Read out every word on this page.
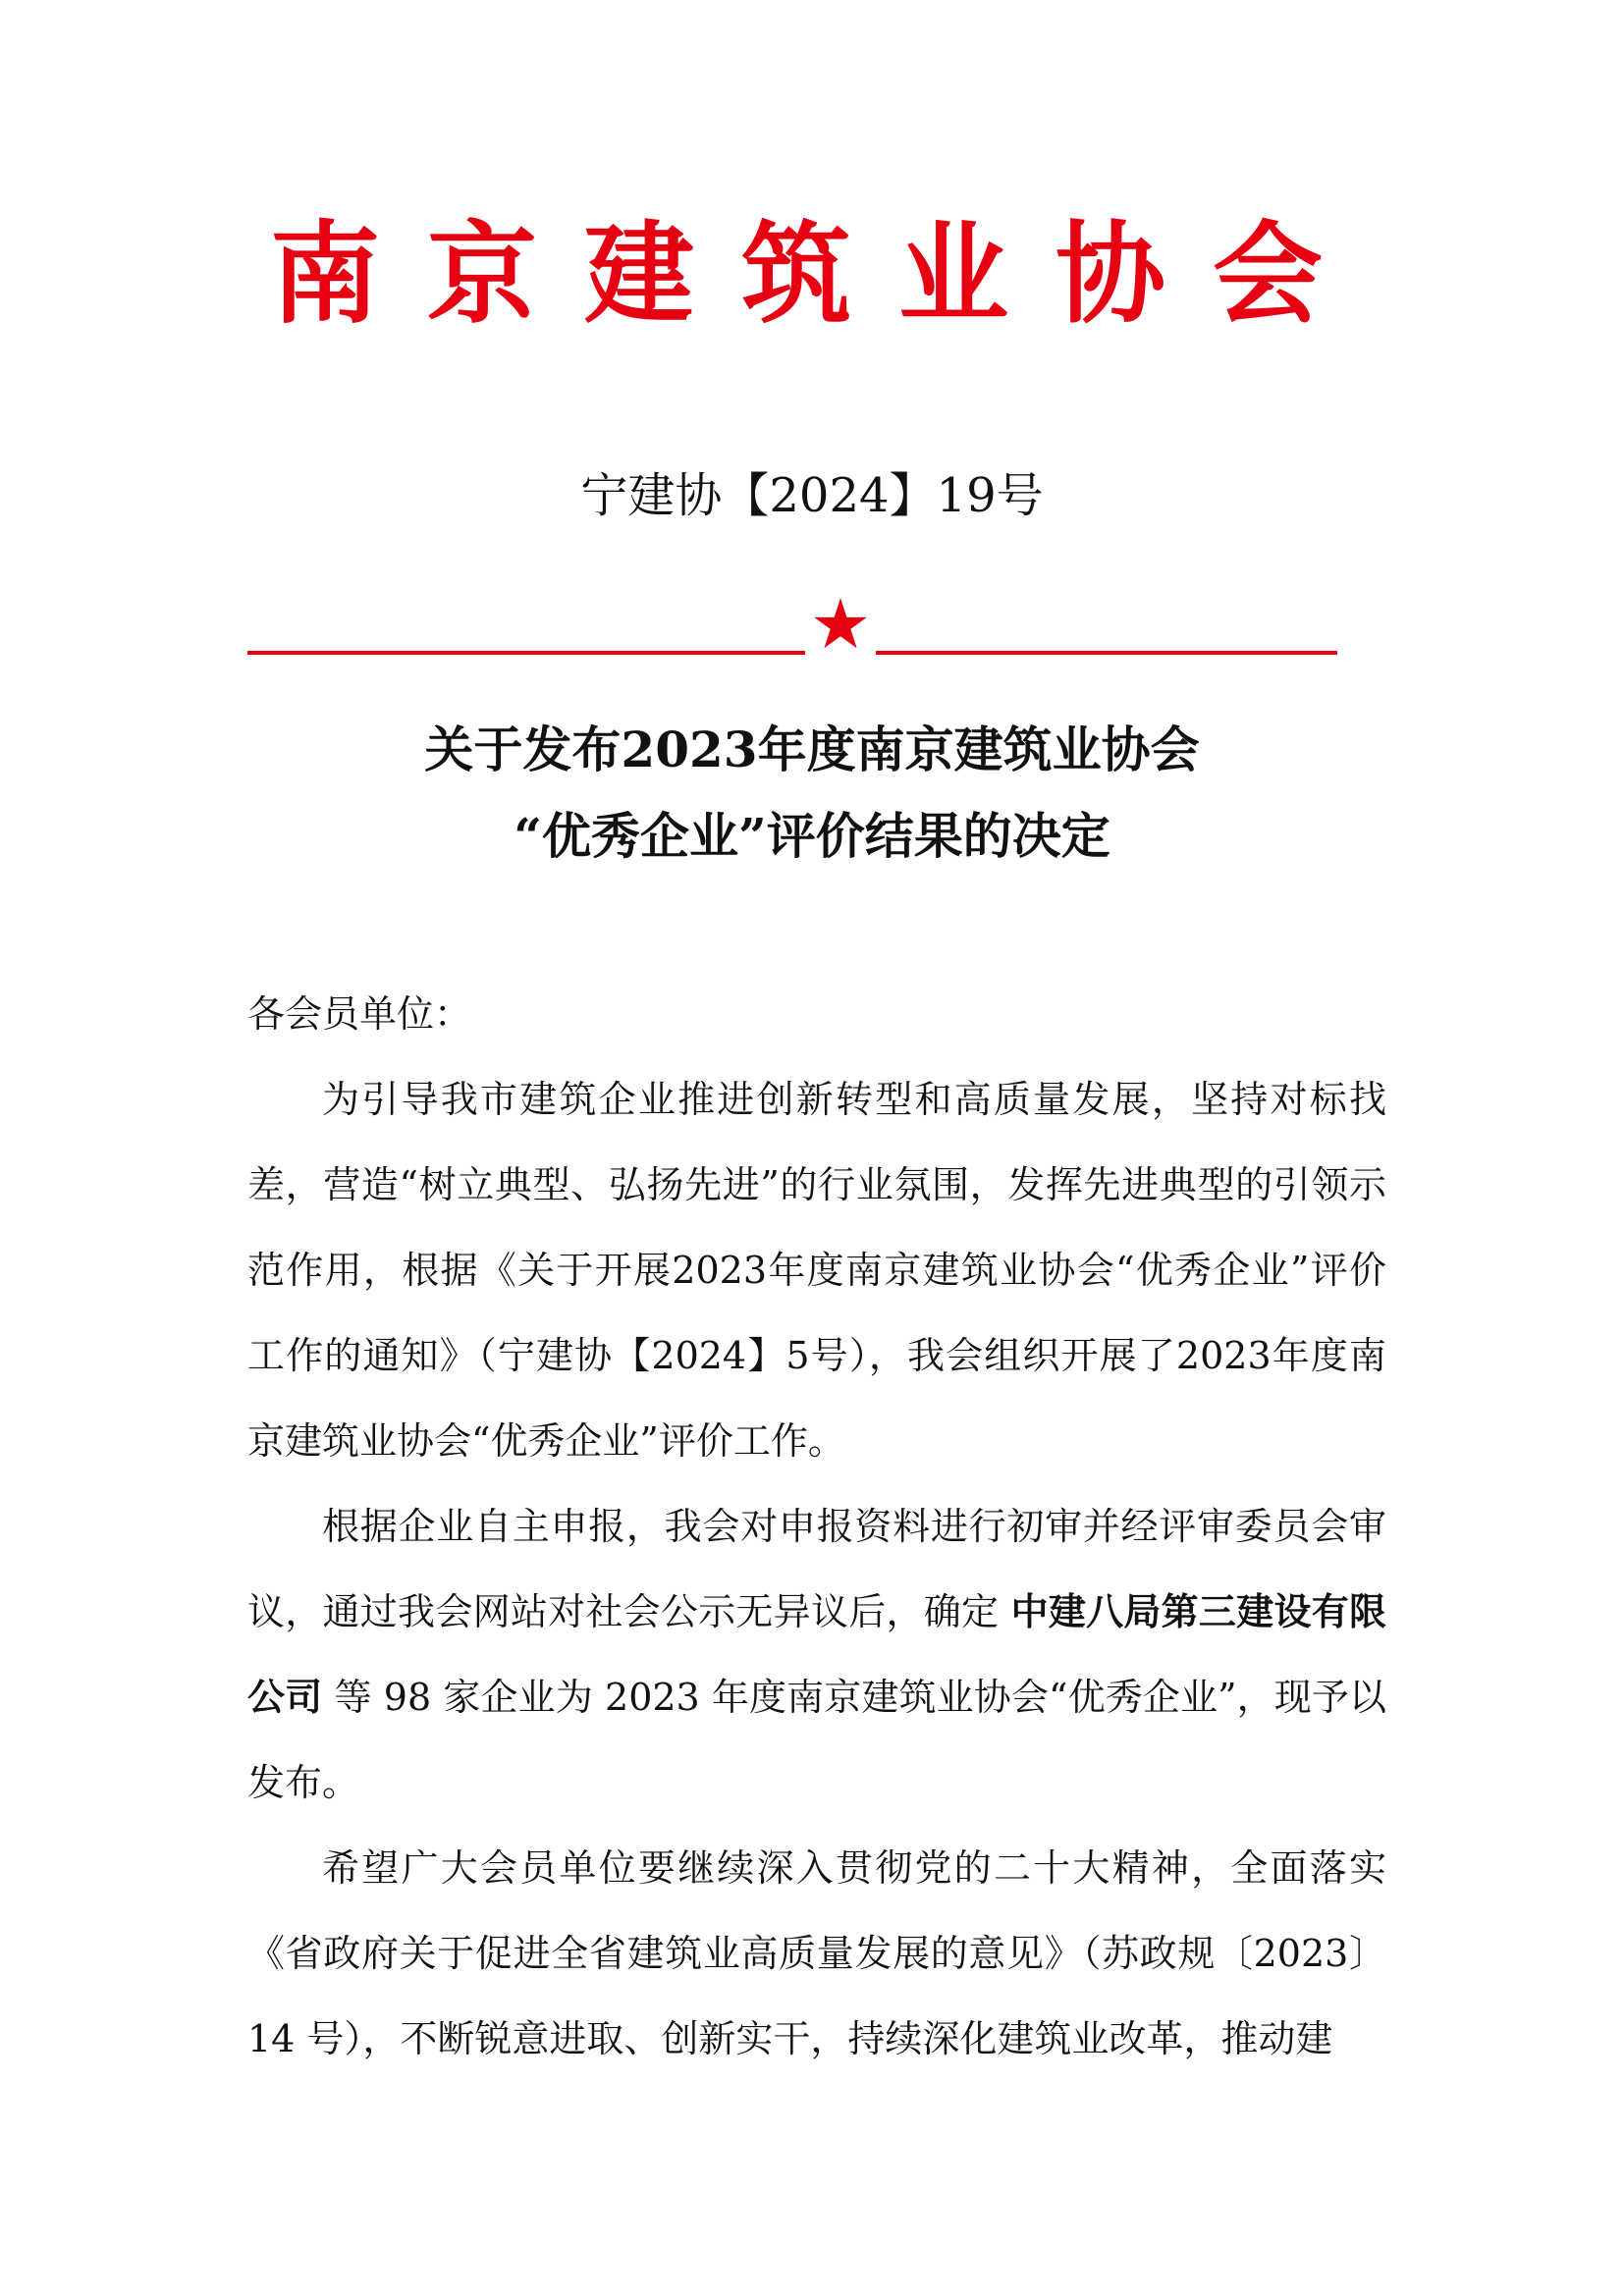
南京建筑业协会
宁建协【2024】19号
★
关于发布2023年度南京建筑业协会
“优秀企业”评价结果的决定

各会员单位：

为引导我市建筑企业推进创新转型和高质量发展，坚持对标找差，营造“树立典型、弘扬先进”的行业氛围，发挥先进典型的引领示范作用，根据《关于开展2023年度南京建筑业协会“优秀企业”评价工作的通知》（宁建协【2024】5号），我会组织开展了2023年度南京建筑业协会“优秀企业”评价工作。

根据企业自主申报，我会对申报资料进行初审并经评审委员会审议，通过我会网站对社会公示无异议后，确定 中建八局第三建设有限公司 等 98 家企业为 2023 年度南京建筑业协会“优秀企业”，现予以发布。

希望广大会员单位要继续深入贯彻党的二十大精神，全面落实《省政府关于促进全省建筑业高质量发展的意见》（苏政规〔2023〕14 号），不断锐意进取、创新实干，持续深化建筑业改革，推动建
